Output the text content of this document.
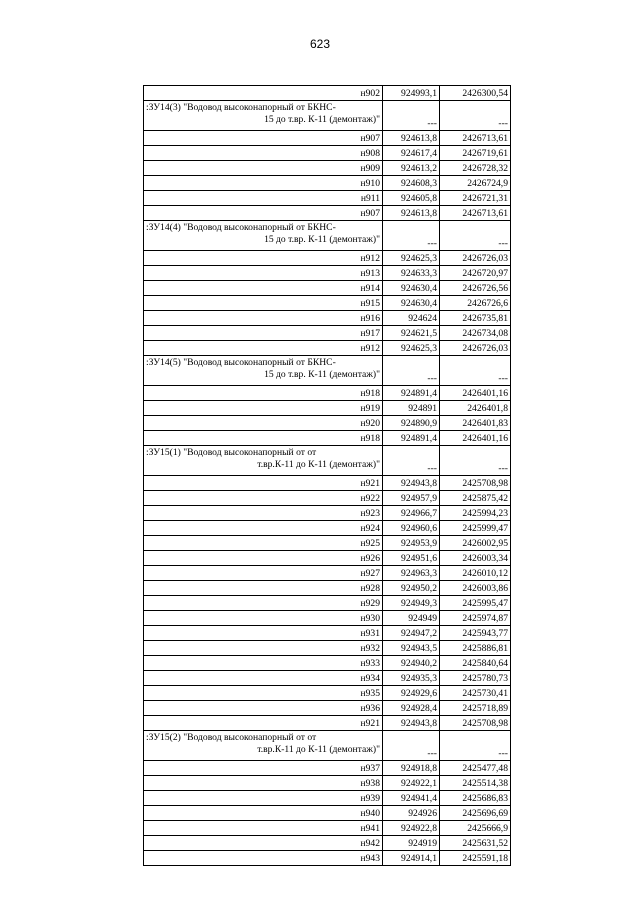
623
н902	924993,1	2426300,54

:ЗУ14(3) "Водовод высоконапорный от БКНС-
15 до т.вр. К-11 (демонтаж)"	---	---
н907	924613,8	2426713,61
н908	924617,4	2426719,61
н909	924613,2	2426728,32
н910	924608,3	2426724,9
н911	924605,8	2426721,31
н907	924613,8	2426713,61

:ЗУ14(4) "Водовод высоконапорный от БКНС-
15 до т.вр. К-11 (демонтаж)"	---	---
н912	924625,3	2426726,03
н913	924633,3	2426720,97
н914	924630,4	2426726,56
н915	924630,4	2426726,6
н916	924624	2426735,81
н917	924621,5	2426734,08
н912	924625,3	2426726,03

:ЗУ14(5) "Водовод высоконапорный от БКНС-
15 до т.вр. К-11 (демонтаж)"	---	---
н918	924891,4	2426401,16
н919	924891	2426401,8
н920	924890,9	2426401,83
н918	924891,4	2426401,16

:ЗУ15(1) "Водовод высоконапорный от от
т.вр.К-11 до К-11 (демонтаж)"	---	---
н921	924943,8	2425708,98
н922	924957,9	2425875,42
н923	924966,7	2425994,23
н924	924960,6	2425999,47
н925	924953,9	2426002,95
н926	924951,6	2426003,34
н927	924963,3	2426010,12
н928	924950,2	2426003,86
н929	924949,3	2425995,47
н930	924949	2425974,87
н931	924947,2	2425943,77
н932	924943,5	2425886,81
н933	924940,2	2425840,64
н934	924935,3	2425780,73
н935	924929,6	2425730,41
н936	924928,4	2425718,89
н921	924943,8	2425708,98

:ЗУ15(2) "Водовод высоконапорный от от
т.вр.К-11 до К-11 (демонтаж)"	---	---
н937	924918,8	2425477,48
н938	924922,1	2425514,38
н939	924941,4	2425686,83
н940	924926	2425696,69
н941	924922,8	2425666,9
н942	924919	2425631,52
н943	924914,1	2425591,18
